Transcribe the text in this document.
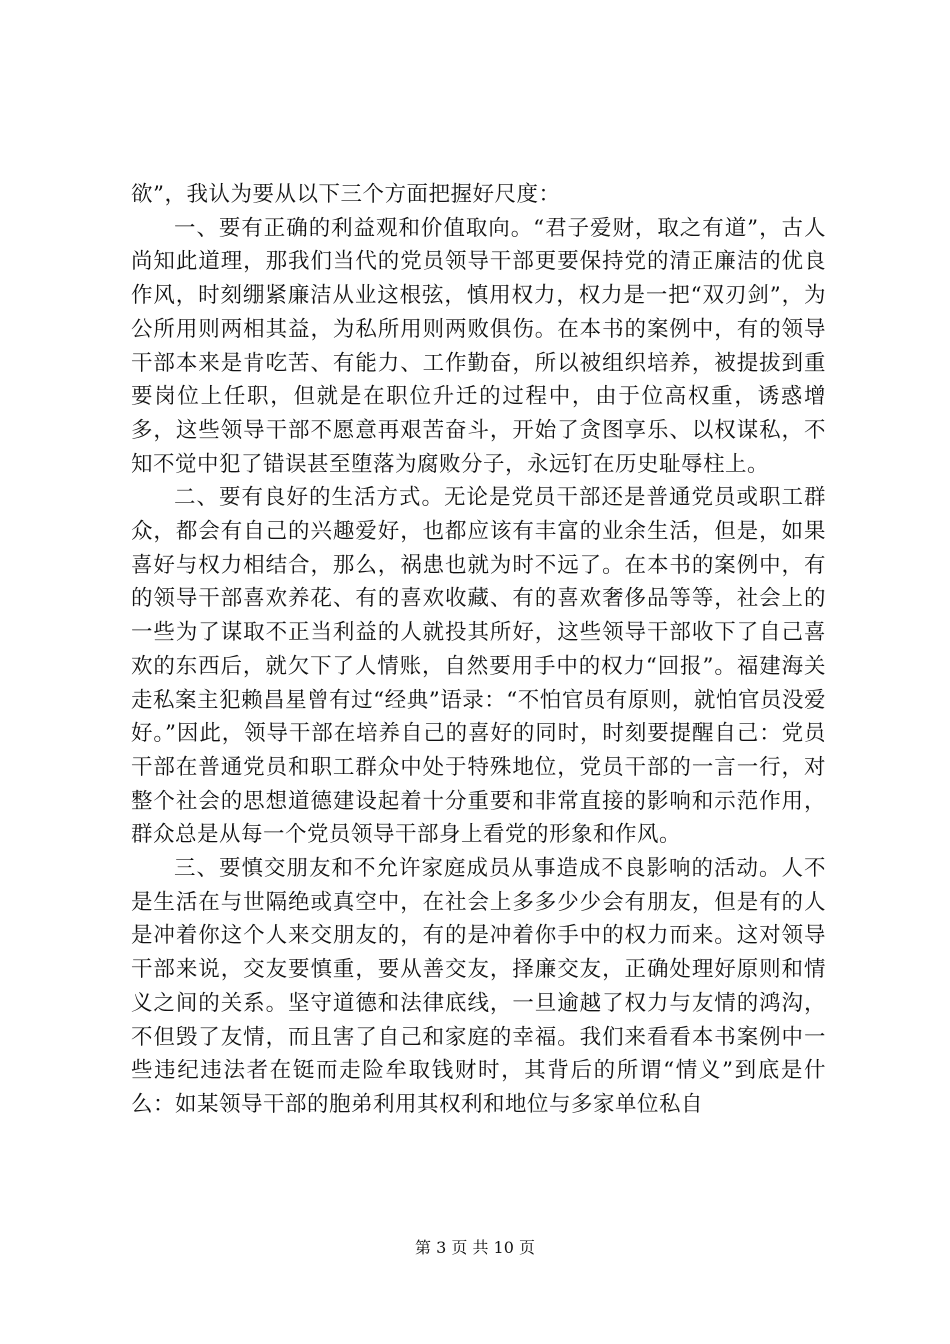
欲”，我认为要从以下三个方面把握好尺度：

一、要有正确的利益观和价值取向。“君子爱财，取之有道”，古人尚知此道理，那我们当代的党员领导干部更要保持党的清正廉洁的优良作风，时刻绷紧廉洁从业这根弦，慎用权力，权力是一把“双刃剑”，为公所用则两相其益，为私所用则两败俱伤。在本书的案例中，有的领导干部本来是肯吃苦、有能力、工作勤奋，所以被组织培养，被提拔到重要岗位上任职，但就是在职位升迁的过程中，由于位高权重，诱惑增多，这些领导干部不愿意再艰苦奋斗，开始了贪图享乐、以权谋私，不知不觉中犯了错误甚至堕落为腐败分子，永远钉在历史耻辱柱上。

二、要有良好的生活方式。无论是党员干部还是普通党员或职工群众，都会有自己的兴趣爱好，也都应该有丰富的业余生活，但是，如果喜好与权力相结合，那么，祸患也就为时不远了。在本书的案例中，有的领导干部喜欢养花、有的喜欢收藏、有的喜欢奢侈品等等，社会上的一些为了谋取不正当利益的人就投其所好，这些领导干部收下了自己喜欢的东西后，就欠下了人情账，自然要用手中的权力“回报”。福建海关走私案主犯赖昌星曾有过“经典”语录：“不怕官员有原则，就怕官员没爱好。”因此，领导干部在培养自己的喜好的同时，时刻要提醒自己：党员干部在普通党员和职工群众中处于特殊地位，党员干部的一言一行，对整个社会的思想道德建设起着十分重要和非常直接的影响和示范作用，群众总是从每一个党员领导干部身上看党的形象和作风。

三、要慎交朋友和不允许家庭成员从事造成不良影响的活动。人不是生活在与世隔绝或真空中，在社会上多多少少会有朋友，但是有的人是冲着你这个人来交朋友的，有的是冲着你手中的权力而来。这对领导干部来说，交友要慎重，要从善交友，择廉交友，正确处理好原则和情义之间的关系。坚守道德和法律底线，一旦逾越了权力与友情的鸿沟，不但毁了友情，而且害了自己和家庭的幸福。我们来看看本书案例中一些违纪违法者在铤而走险牟取钱财时，其背后的所谓“情义”到底是什么：如某领导干部的胞弟利用其权利和地位与多家单位私自

第 3 页 共 10 页
